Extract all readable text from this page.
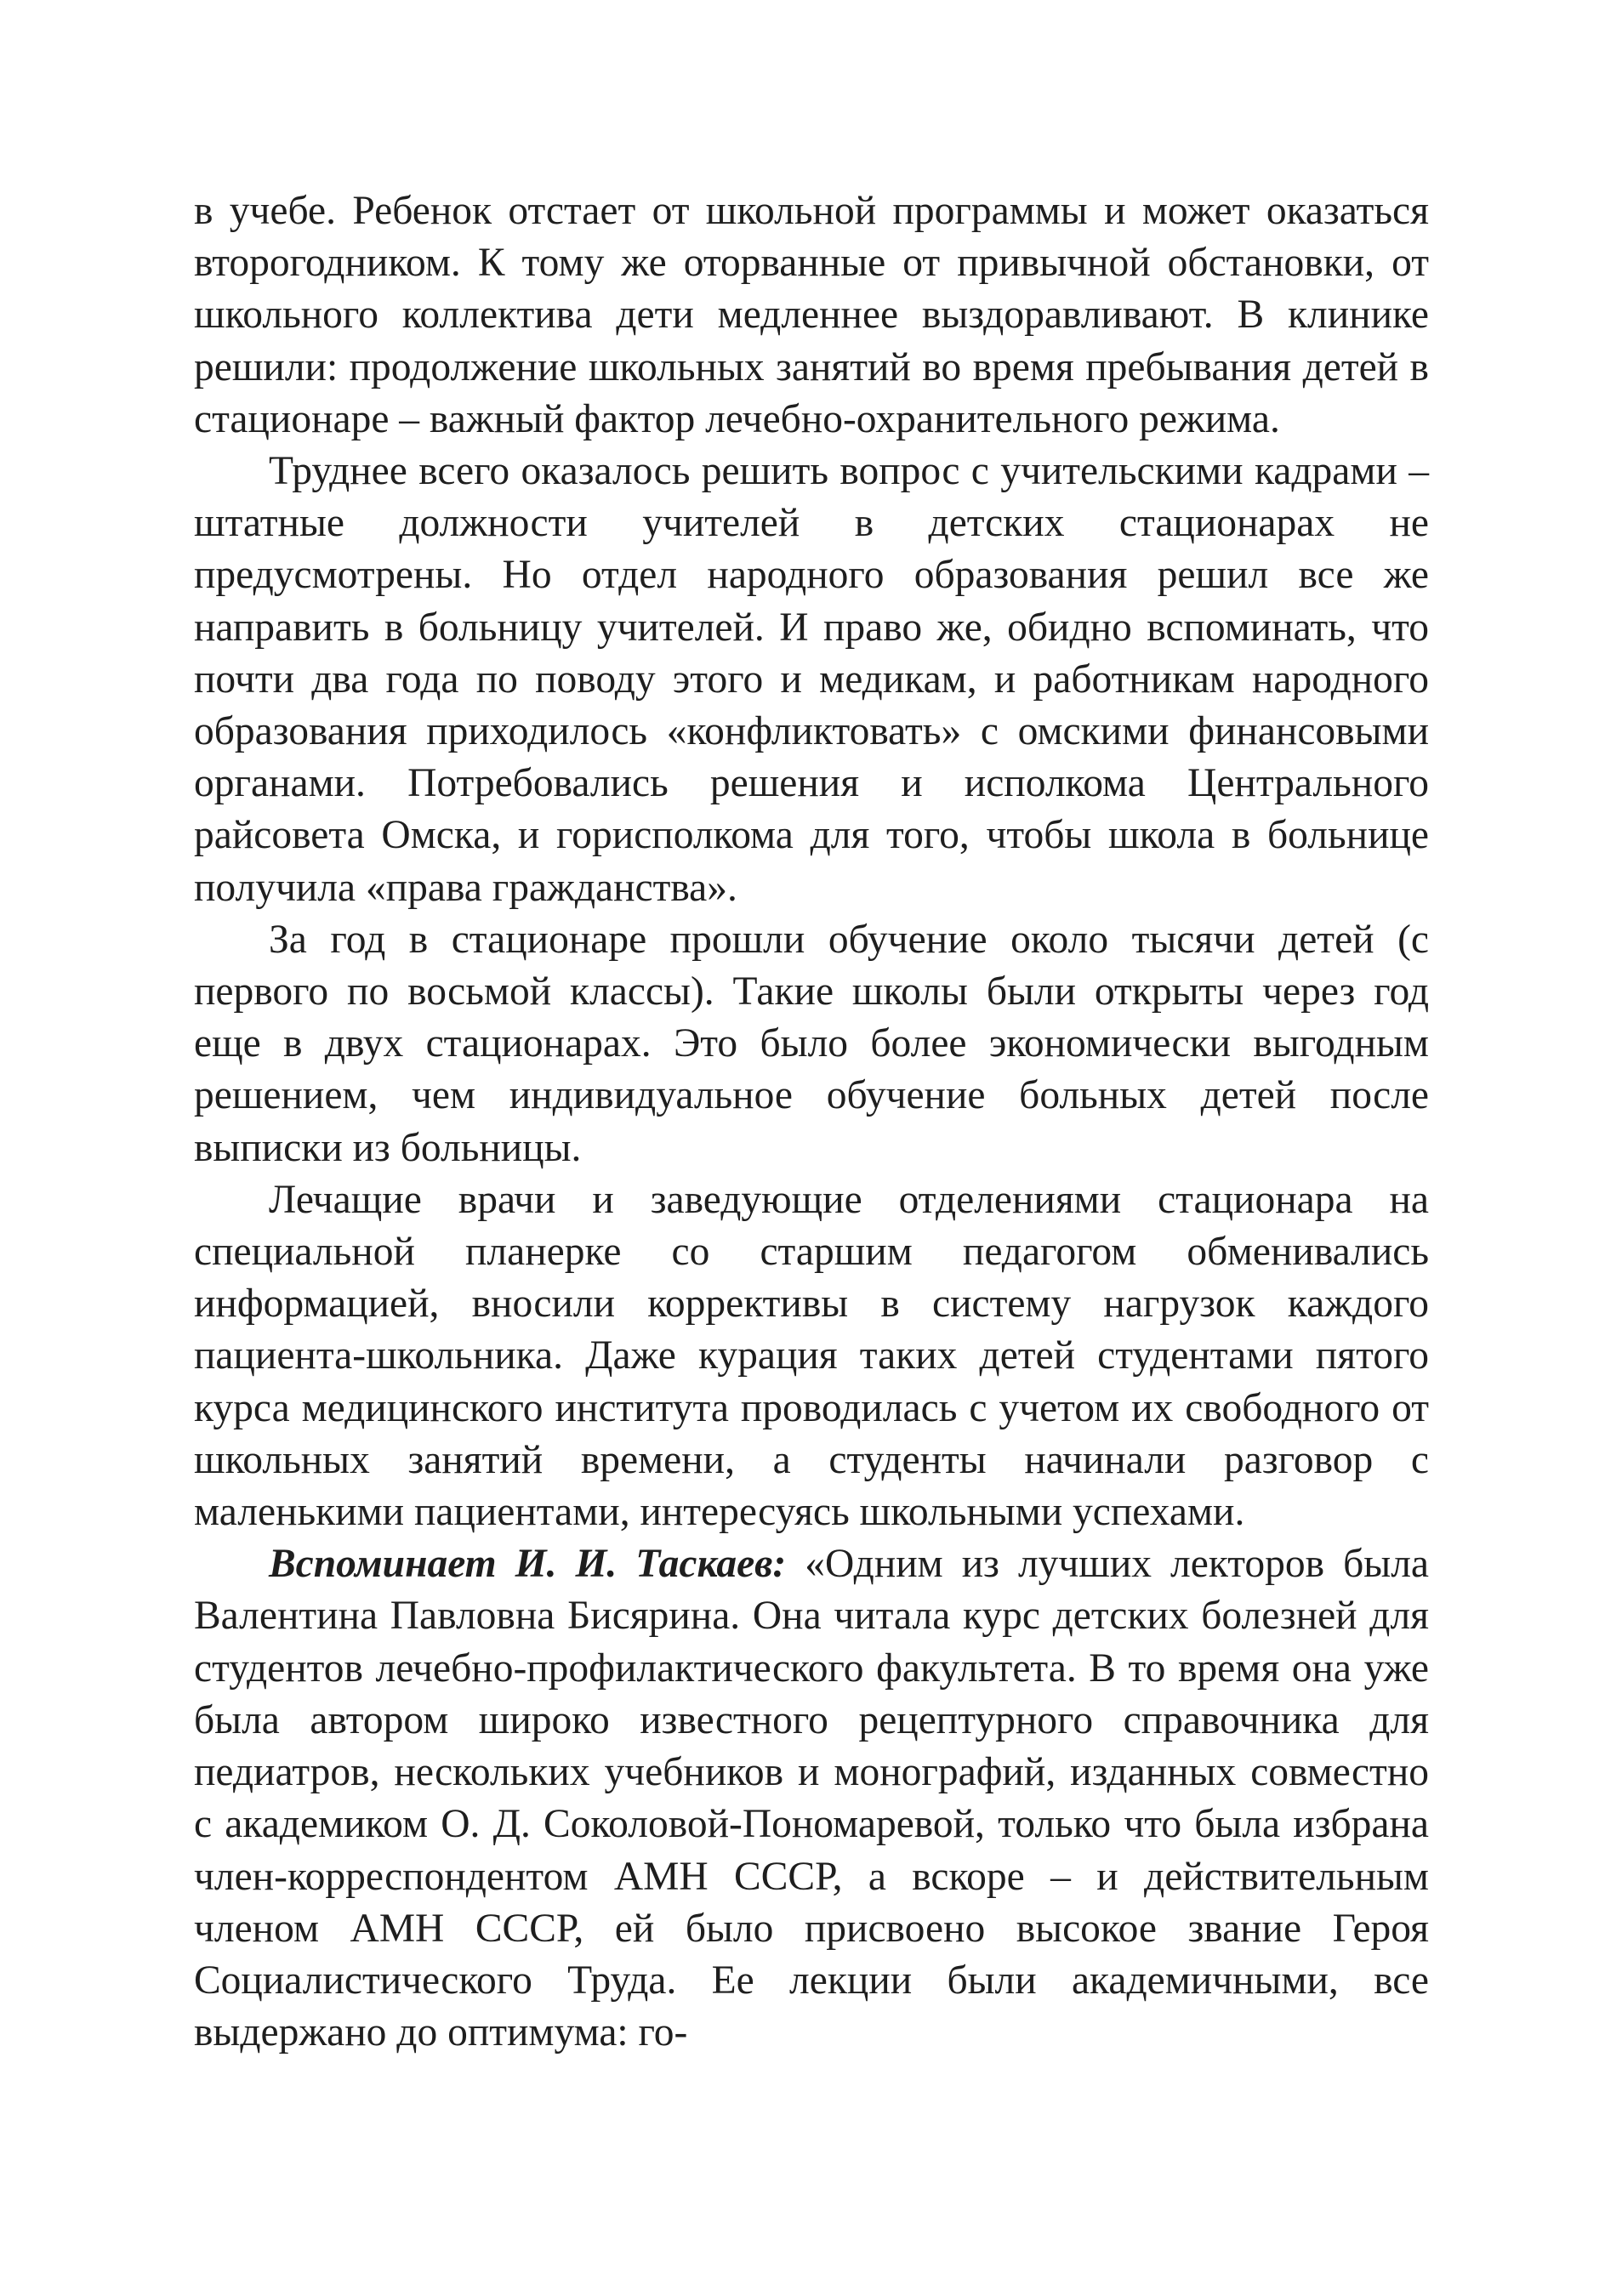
в учебе. Ребенок отстает от школьной программы и может оказаться второгодником. К тому же оторванные от привычной обстановки, от школьного коллектива дети медленнее выздоравливают. В клинике решили: продолжение школьных занятий во время пребывания детей в стационаре – важный фактор лечебно-охранительного режима.

Труднее всего оказалось решить вопрос с учительскими кадрами – штатные должности учителей в детских стационарах не предусмотрены. Но отдел народного образования решил все же направить в больницу учителей. И право же, обидно вспоминать, что почти два года по поводу этого и медикам, и работникам народного образования приходилось «конфликтовать» с омскими финансовыми органами. Потребовались решения и исполкома Центрального райсовета Омска, и горисполкома для того, чтобы школа в больнице получила «права гражданства».

За год в стационаре прошли обучение около тысячи детей (с первого по восьмой классы). Такие школы были открыты через год еще в двух стационарах. Это было более экономически выгодным решением, чем индивидуальное обучение больных детей после выписки из больницы.

Лечащие врачи и заведующие отделениями стационара на специальной планерке со старшим педагогом обменивались информацией, вносили коррективы в систему нагрузок каждого пациента-школьника. Даже курация таких детей студентами пятого курса медицинского института проводилась с учетом их свободного от школьных занятий времени, а студенты начинали разговор с маленькими пациентами, интересуясь школьными успехами.

Вспоминает И. И. Таскаев: «Одним из лучших лекторов была Валентина Павловна Бисярина. Она читала курс детских болезней для студентов лечебно-профилактического факультета. В то время она уже была автором широко известного рецептурного справочника для педиатров, нескольких учебников и монографий, изданных совместно с академиком О. Д. Соколовой-Пономаревой, только что была избрана член-корреспондентом АМН СССР, а вскоре – и действительным членом АМН СССР, ей было присвоено высокое звание Героя Социалистического Труда. Ее лекции были академичными, все выдержано до оптимума: го-
